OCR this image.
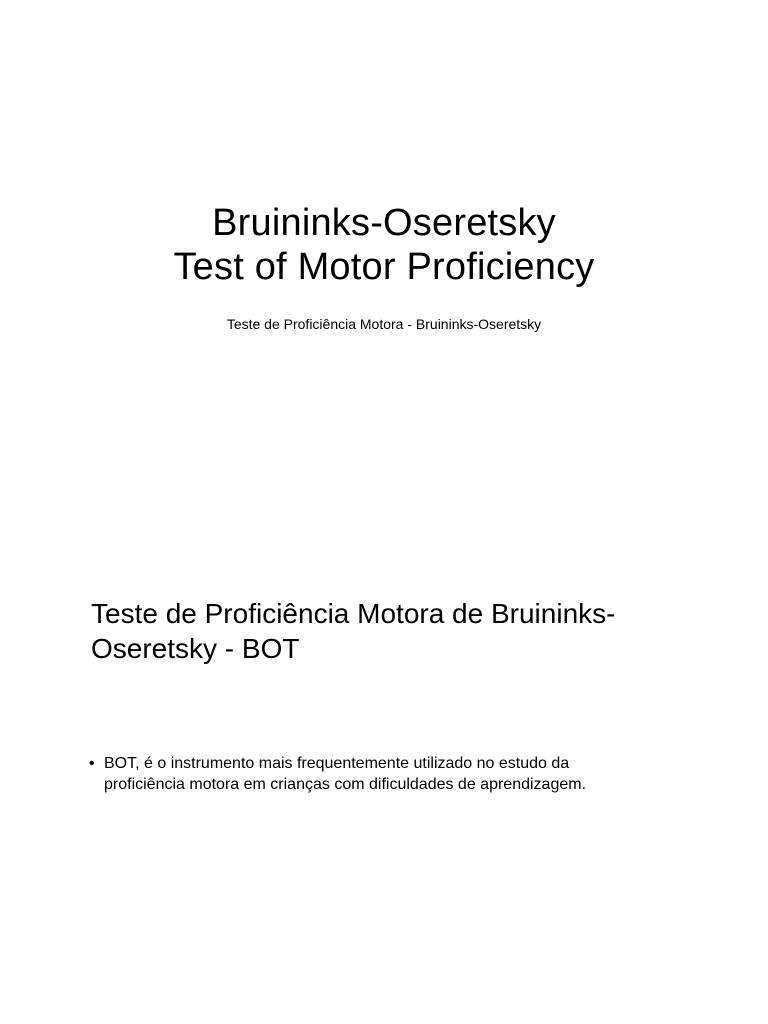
Bruininks-Oseretsky
Test of Motor Proficiency

Teste de Proficiência Motora - Bruininks-Oseretsky

Teste de Proficiência Motora de Bruininks-
Oseretsky - BOT
• BOT, é o instrumento mais frequentemente utilizado no estudo da
proficiência motora em crianças com dificuldades de aprendizagem.
